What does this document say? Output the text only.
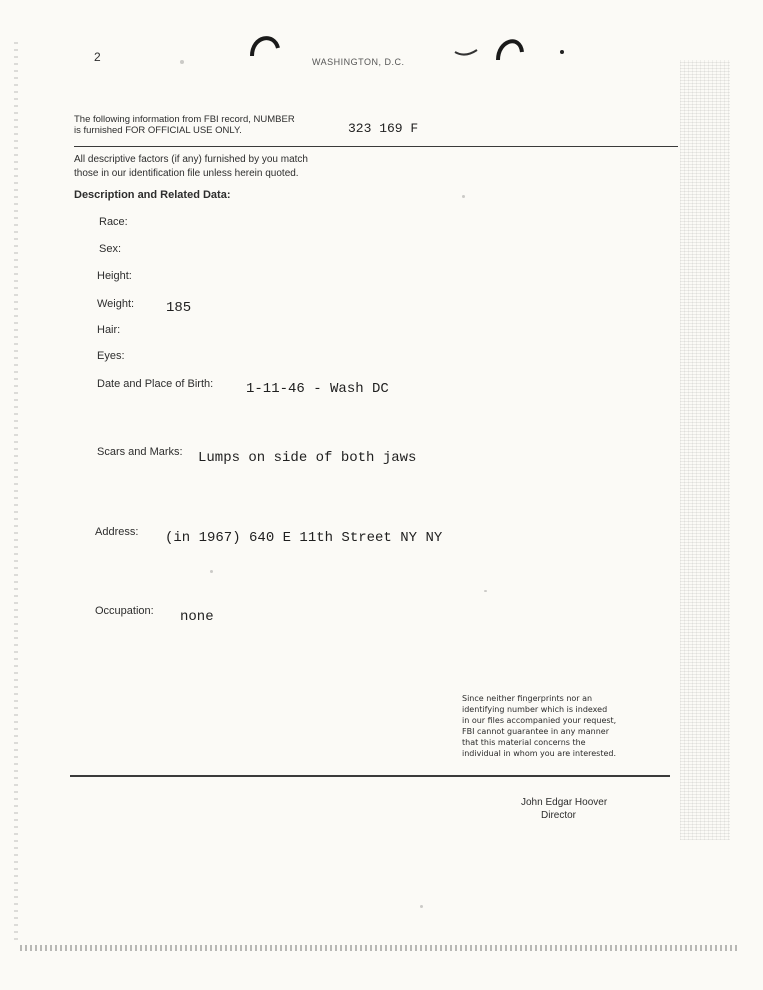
2	WASHINGTON, D.C.
The following information from FBI record, NUMBER
is furnished FOR OFFICIAL USE ONLY.	323 169 F
All descriptive factors (if any) furnished by you match
those in our identification file unless herein quoted.
Description and Related Data:
Race:
Sex:
Height:
Weight: 185
Hair:
Eyes:
Date and Place of Birth: 1-11-46 - Wash DC
Scars and Marks: Lumps on side of both jaws
Address: (in 1967) 640 E 11th Street NY NY
Occupation: none
Since neither fingerprints nor an
identifying number which is indexed
in our files accompanied your request,
FBI cannot guarantee in any manner
that this material concerns the
individual in whom you are interested.
John Edgar Hoover
Director
